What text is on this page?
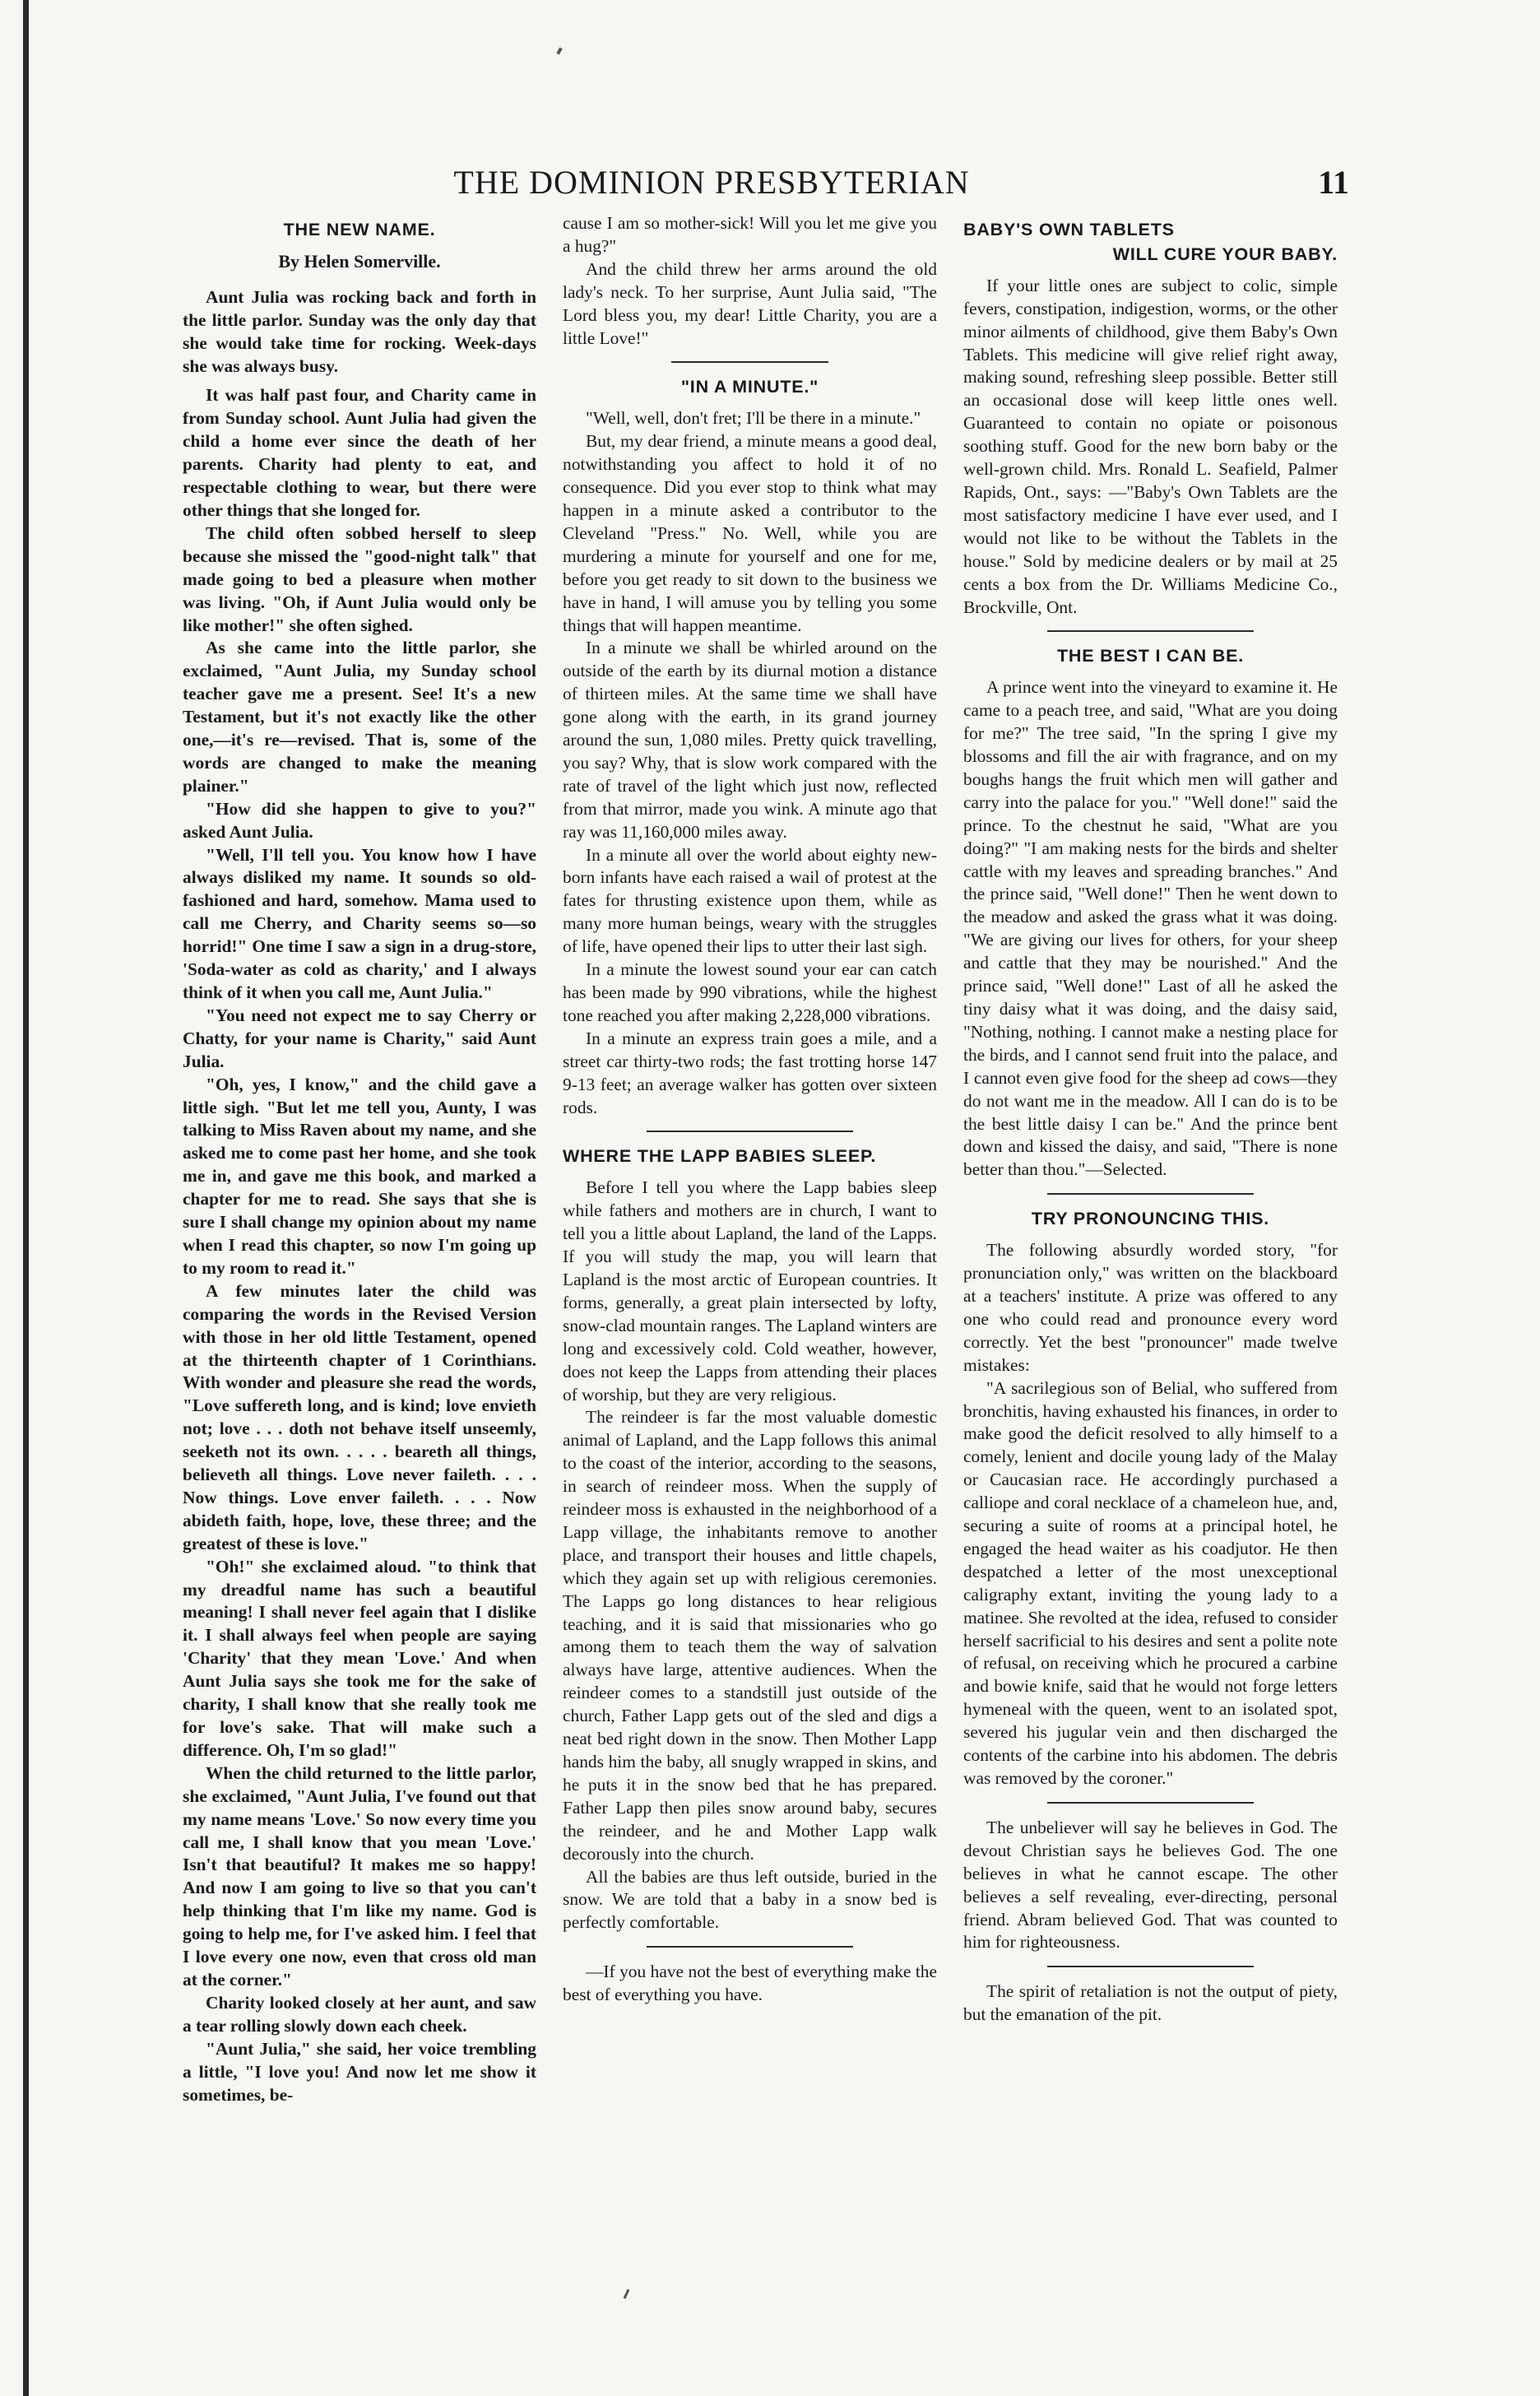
THE DOMINION PRESBYTERIAN	11
THE NEW NAME.
By Helen Somerville.

Aunt Julia was rocking back and forth in the little parlor. Sunday was the only day that she would take time for rocking. Week-days she was always busy.

It was half past four, and Charity came in from Sunday school. Aunt Julia had given the child a home ever since the death of her parents. Charity had plenty to eat, and respectable clothing to wear, but there were other things that she longed for.

The child often sobbed herself to sleep because she missed the "good-night talk" that made going to bed a pleasure when mother was living. "Oh, if Aunt Julia would only be like mother!" she often sighed.

As she came into the little parlor, she exclaimed, "Aunt Julia, my Sunday school teacher gave me a present. See! It's a new Testament, but it's not exactly like the other one,—it's re—revised. That is, some of the words are changed to make the meaning plainer."

"How did she happen to give to you?" asked Aunt Julia.

"Well, I'll tell you. You know how I have always disliked my name. It sounds so old-fashioned and hard, somehow. Mama used to call me Cherry, and Charity seems so—so horrid!" One time I saw a sign in a drug-store, 'Soda-water as cold as charity,' and I always think of it when you call me, Aunt Julia."

"You need not expect me to say Cherry or Chatty, for your name is Charity," said Aunt Julia.

"Oh, yes, I know," and the child gave a little sigh. "But let me tell you, Aunty, I was talking to Miss Raven about my name, and she asked me to come past her home, and she took me in, and gave me this book, and marked a chapter for me to read. She says that she is sure I shall change my opinion about my name when I read this chapter, so now I'm going up to my room to read it."

A few minutes later the child was comparing the words in the Revised Version with those in her old little Testament, opened at the thirteenth chapter of 1 Corinthians. With wonder and pleasure she read the words, "Love suffereth long, and is kind; love envieth not; love . . . doth not behave itself unseemly, seeketh not its own. . . . . beareth all things, believeth all things. Love never faileth. . . . Now things. Love enver faileth. . . . Now abideth faith, hope, love, these three; and the greatest of these is love."

"Oh!" she exclaimed aloud. "to think that my dreadful name has such a beautiful meaning! I shall never feel again that I dislike it. I shall always feel when people are saying 'Charity' that they mean 'Love.' And when Aunt Julia says she took me for the sake of charity, I shall know that she really took me for love's sake. That will make such a difference. Oh, I'm so glad!"

When the child returned to the little parlor, she exclaimed, "Aunt Julia, I've found out that my name means 'Love.' So now every time you call me, I shall know that you mean 'Love.' Isn't that beautiful? It makes me so happy! And now I am going to live so that you can't help thinking that I'm like my name. God is going to help me, for I've asked him. I feel that I love every one now, even that cross old man at the corner."

Charity looked closely at her aunt, and saw a tear rolling slowly down each cheek.

"Aunt Julia," she said, her voice trembling a little, "I love you! And now let me show it sometimes, be-

cause I am so mother-sick! Will you let me give you a hug?"

And the child threw her arms around the old lady's neck. To her surprise, Aunt Julia said, "The Lord bless you, my dear! Little Charity, you are a little Love!"

"IN A MINUTE."

"Well, well, don't fret; I'll be there in a minute."

But, my dear friend, a minute means a good deal, notwithstanding you affect to hold it of no consequence. Did you ever stop to think what may happen in a minute asked a contributor to the Cleveland "Press." No. Well, while you are murdering a minute for yourself and one for me, before you get ready to sit down to the business we have in hand, I will amuse you by telling you some things that will happen meantime.

In a minute we shall be whirled around on the outside of the earth by its diurnal motion a distance of thirteen miles. At the same time we shall have gone along with the earth, in its grand journey around the sun, 1,080 miles. Pretty quick travelling, you say? Why, that is slow work compared with the rate of travel of the light which just now, reflected from that mirror, made you wink. A minute ago that ray was 11,160,000 miles away.

In a minute all over the world about eighty new-born infants have each raised a wail of protest at the fates for thrusting existence upon them, while as many more human beings, weary with the struggles of life, have opened their lips to utter their last sigh.

In a minute the lowest sound your ear can catch has been made by 990 vibrations, while the highest tone reached you after making 2,228,000 vibrations.

In a minute an express train goes a mile, and a street car thirty-two rods; the fast trotting horse 147 9-13 feet; an average walker has gotten over sixteen rods.

WHERE THE LAPP BABIES SLEEP.

Before I tell you where the Lapp babies sleep while fathers and mothers are in church, I want to tell you a little about Lapland, the land of the Lapps. If you will study the map, you will learn that Lapland is the most arctic of European countries. It forms, generally, a great plain intersected by lofty, snow-clad mountain ranges. The Lapland winters are long and excessively cold. Cold weather, however, does not keep the Lapps from attending their places of worship, but they are very religious.

The reindeer is far the most valuable domestic animal of Lapland, and the Lapp follows this animal to the coast of the interior, according to the seasons, in search of reindeer moss. When the supply of reindeer moss is exhausted in the neighborhood of a Lapp village, the inhabitants remove to another place, and transport their houses and little chapels, which they again set up with religious ceremonies. The Lapps go long distances to hear religious teaching, and it is said that missionaries who go among them to teach them the way of salvation always have large, attentive audiences. When the reindeer comes to a standstill just outside of the church, Father Lapp gets out of the sled and digs a neat bed right down in the snow. Then Mother Lapp hands him the baby, all snugly wrapped in skins, and he puts it in the snow bed that he has prepared. Father Lapp then piles snow around baby, secures the reindeer, and he and Mother Lapp walk decorously into the church.

All the babies are thus left outside, buried in the snow. We are told that a baby in a snow bed is perfectly comfortable.

—If you have not the best of everything make the best of everything you have.

BABY'S OWN TABLETS
WILL CURE YOUR BABY.

If your little ones are subject to colic, simple fevers, constipation, indigestion, worms, or the other minor ailments of childhood, give them Baby's Own Tablets. This medicine will give relief right away, making sound, refreshing sleep possible. Better still an occasional dose will keep little ones well. Guaranteed to contain no opiate or poisonous soothing stuff. Good for the new born baby or the well-grown child. Mrs. Ronald L. Seafield, Palmer Rapids, Ont., says: —"Baby's Own Tablets are the most satisfactory medicine I have ever used, and I would not like to be without the Tablets in the house." Sold by medicine dealers or by mail at 25 cents a box from the Dr. Williams Medicine Co., Brockville, Ont.

THE BEST I CAN BE.

A prince went into the vineyard to examine it. He came to a peach tree, and said, "What are you doing for me?" The tree said, "In the spring I give my blossoms and fill the air with fragrance, and on my boughs hangs the fruit which men will gather and carry into the palace for you." "Well done!" said the prince. To the chestnut he said, "What are you doing?" "I am making nests for the birds and shelter cattle with my leaves and spreading branches." And the prince said, "Well done!" Then he went down to the meadow and asked the grass what it was doing. "We are giving our lives for others, for your sheep and cattle that they may be nourished." And the prince said, "Well done!" Last of all he asked the tiny daisy what it was doing, and the daisy said, "Nothing, nothing. I cannot make a nesting place for the birds, and I cannot send fruit into the palace, and I cannot even give food for the sheep ad cows—they do not want me in the meadow. All I can do is to be the best little daisy I can be." And the prince bent down and kissed the daisy, and said, "There is none better than thou."—Selected.

TRY PRONOUNCING THIS.

The following absurdly worded story, "for pronunciation only," was written on the blackboard at a teachers' institute. A prize was offered to any one who could read and pronounce every word correctly. Yet the best "pronouncer" made twelve mistakes:

"A sacrilegious son of Belial, who suffered from bronchitis, having exhausted his finances, in order to make good the deficit resolved to ally himself to a comely, lenient and docile young lady of the Malay or Caucasian race. He accordingly purchased a calliope and coral necklace of a chameleon hue, and, securing a suite of rooms at a principal hotel, he engaged the head waiter as his coadjutor. He then despatched a letter of the most unexceptional caligraphy extant, inviting the young lady to a matinee. She revolted at the idea, refused to consider herself sacrificial to his desires and sent a polite note of refusal, on receiving which he procured a carbine and bowie knife, said that he would not forge letters hymeneal with the queen, went to an isolated spot, severed his jugular vein and then discharged the contents of the carbine into his abdomen. The debris was removed by the coroner."

The unbeliever will say he believes in God. The devout Christian says he believes God. The one believes in what he cannot escape. The other believes a self revealing, ever-directing, personal friend. Abram believed God. That was counted to him for righteousness.

The spirit of retaliation is not the output of piety, but the emanation of the pit.
